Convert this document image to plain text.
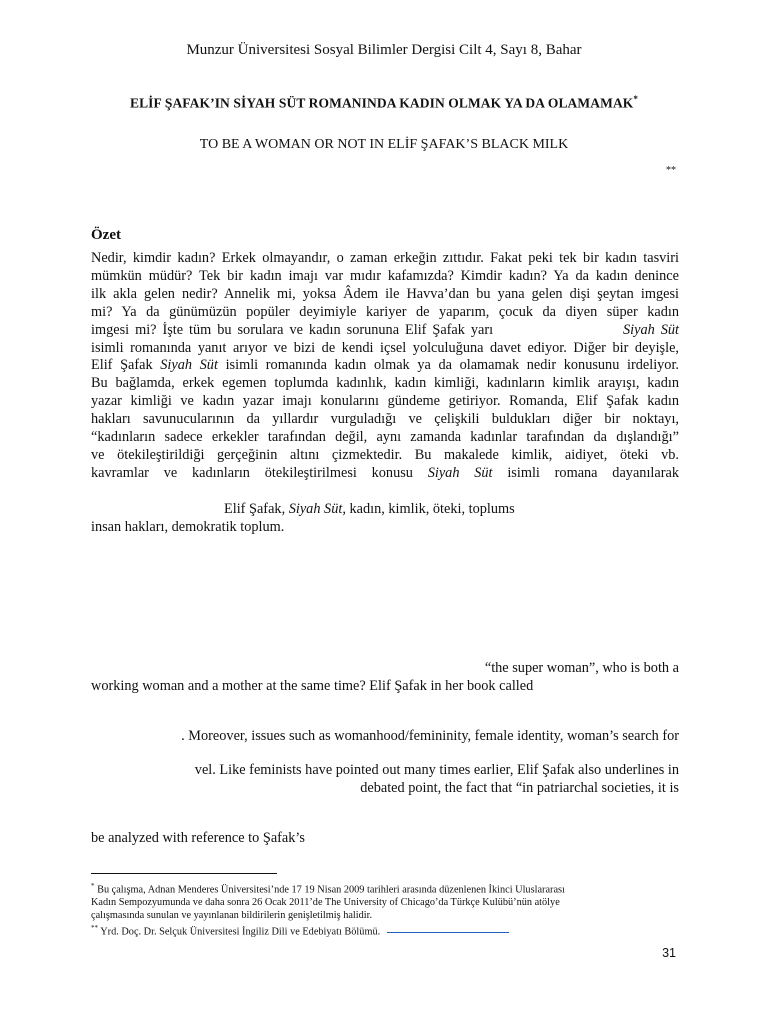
Munzur Üniversitesi Sosyal Bilimler Dergisi Cilt 4, Sayı 8, Bahar
ELİF ŞAFAK’IN SİYAH SÜT ROMANINDA KADIN OLMAK YA DA OLAMAMAK*
TO BE A WOMAN OR NOT IN ELİF ŞAFAK’S BLACK MILK
**
Özet
Nedir, kimdir kadın? Erkek olmayandır, o zaman erkeğin zıttıdır. Fakat peki tek bir kadın tasviri
mümkün müdür? Tek bir kadın imajı var mıdır kafamızda? Kimdir kadın? Ya da kadın denince
ilk akla gelen nedir? Annelik mi, yoksa Âdem ile Havva’dan bu yana gelen dişi şeytan imgesi
mi? Ya da günümüzün popüler deyimiyle kariyer de yaparım, çocuk da diyen süper kadın
imgesi mi? İşte tüm bu sorulara ve kadın sorununa Elif Şafak yarı	Siyah Süt
isimli romanında yanıt arıyor ve bizi de kendi içsel yolculuğuna davet ediyor. Diğer bir deyişle,
Elif Şafak Siyah Süt isimli romanında kadın olmak ya da olamamak nedir konusunu irdeliyor.
Bu bağlamda, erkek egemen toplumda kadınlık, kadın kimliği, kadınların kimlik arayışı, kadın
yazar kimliği ve kadın yazar imajı konularını gündeme getiriyor. Romanda, Elif Şafak kadın
hakları savunucularının da yıllardır vurguladığı ve çelişkili buldukları diğer bir noktayı,
“kadınların sadece erkekler tarafından değil, aynı zamanda kadınlar tarafından da dışlandığı”
ve ötekileştirildiği gerçeğinin altını çizmektedir. Bu makalede kimlik, aidiyet, öteki vb.
kavramlar ve kadınların ötekileştirilmesi konusu Siyah Süt isimli romana dayanılarak
Elif Şafak, Siyah Süt, kadın, kimlik, öteki, toplums
insan hakları, demokratik toplum.
“the super woman”, who is both a
working woman and a mother at the same time? Elif Şafak in her book called
. Moreover, issues such as womanhood/femininity, female identity, woman’s search for
vel. Like feminists have pointed out many times earlier, Elif Şafak also underlines in
debated point, the fact that “in patriarchal societies, it is
be analyzed with reference to Şafak’s
* Bu çalışma, Adnan Menderes Üniversitesi’nde 17 19 Nisan 2009 tarihleri arasında düzenlenen İkinci Uluslararası
Kadın Sempozyumunda ve daha sonra 26 Ocak 2011’de The University of Chicago’da Türkçe Kulübü’nün atölye
çalışmasında sunulan ve yayınlanan bildirilerin genişletilmiş halidir.
** Yrd. Doç. Dr. Selçuk Üniversitesi İngiliz Dili ve Edebiyatı Bölümü.
31
